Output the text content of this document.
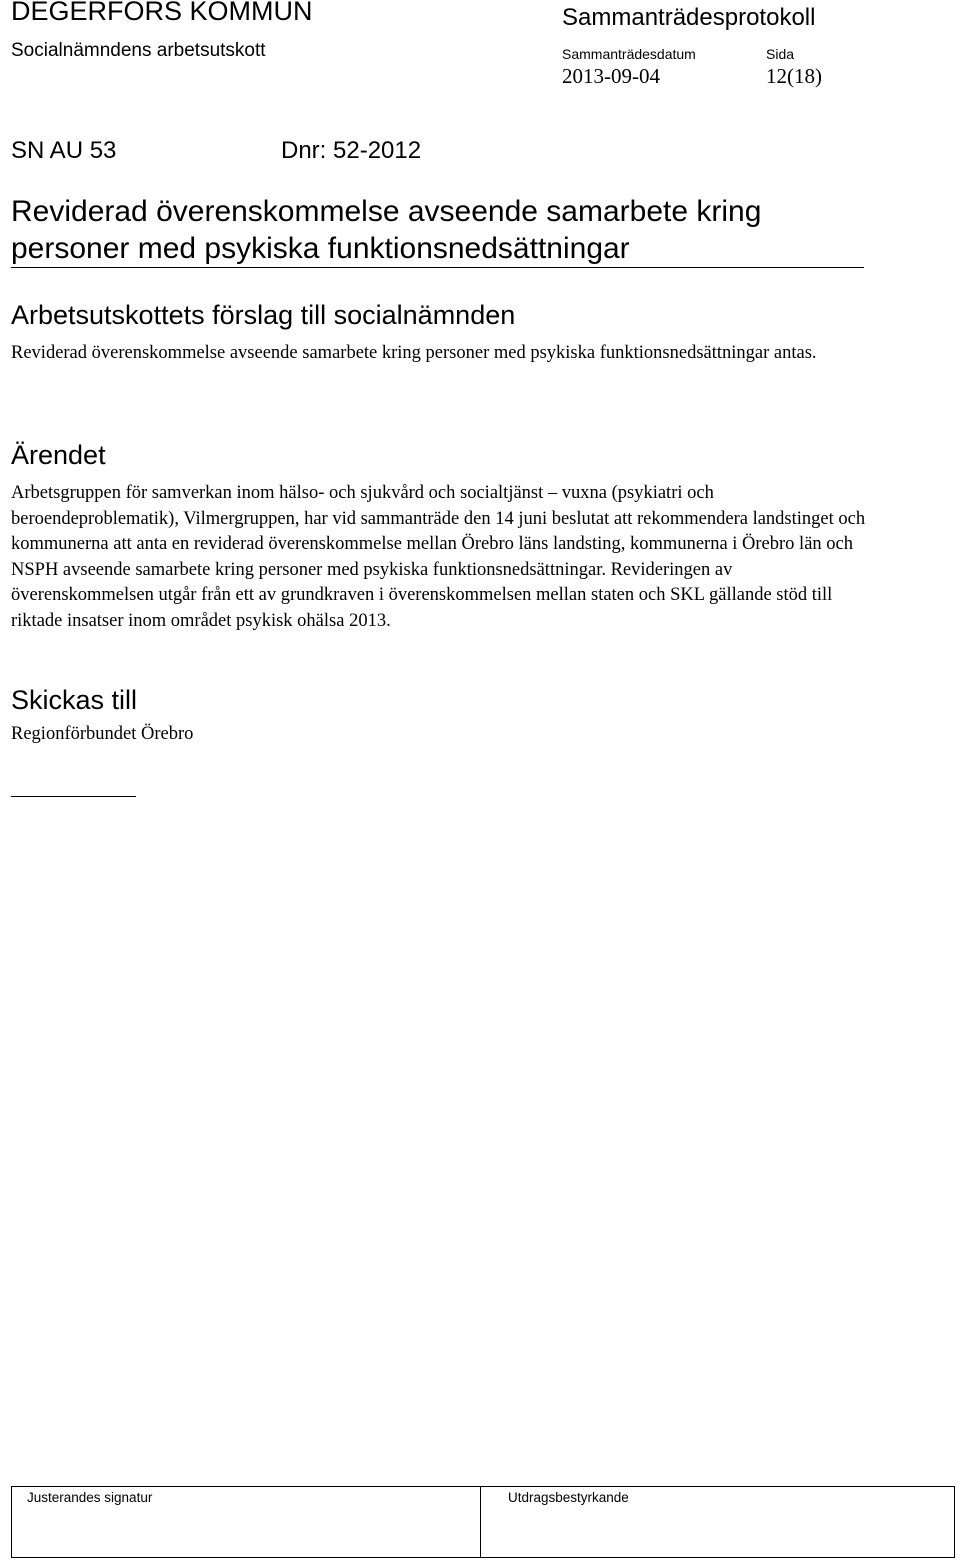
DEGERFORS KOMMUN
Socialnämndens arbetsutskott
Sammanträdesprotokoll
Sammanträdesdatum
2013-09-04
Sida
12(18)
SN AU 53	Dnr: 52-2012
Reviderad överenskommelse avseende samarbete kring personer med psykiska funktionsnedsättningar
Arbetsutskottets förslag till socialnämnden
Reviderad överenskommelse avseende samarbete kring personer med psykiska funktionsnedsättningar antas.
Ärendet
Arbetsgruppen för samverkan inom hälso- och sjukvård och socialtjänst – vuxna (psykiatri och beroendeproblematik), Vilmergruppen, har vid sammanträde den 14 juni beslutat att rekommendera landstinget och kommunerna att anta en reviderad överenskommelse mellan Örebro läns landsting, kommunerna i Örebro län och NSPH avseende samarbete kring personer med psykiska funktionsnedsättningar. Revideringen av överenskommelsen utgår från ett av grundkraven i överenskommelsen mellan staten och SKL gällande stöd till riktade insatser inom området psykisk ohälsa 2013.
Skickas till
Regionförbundet Örebro
Justerandes signatur	Utdragsbestyrkande
